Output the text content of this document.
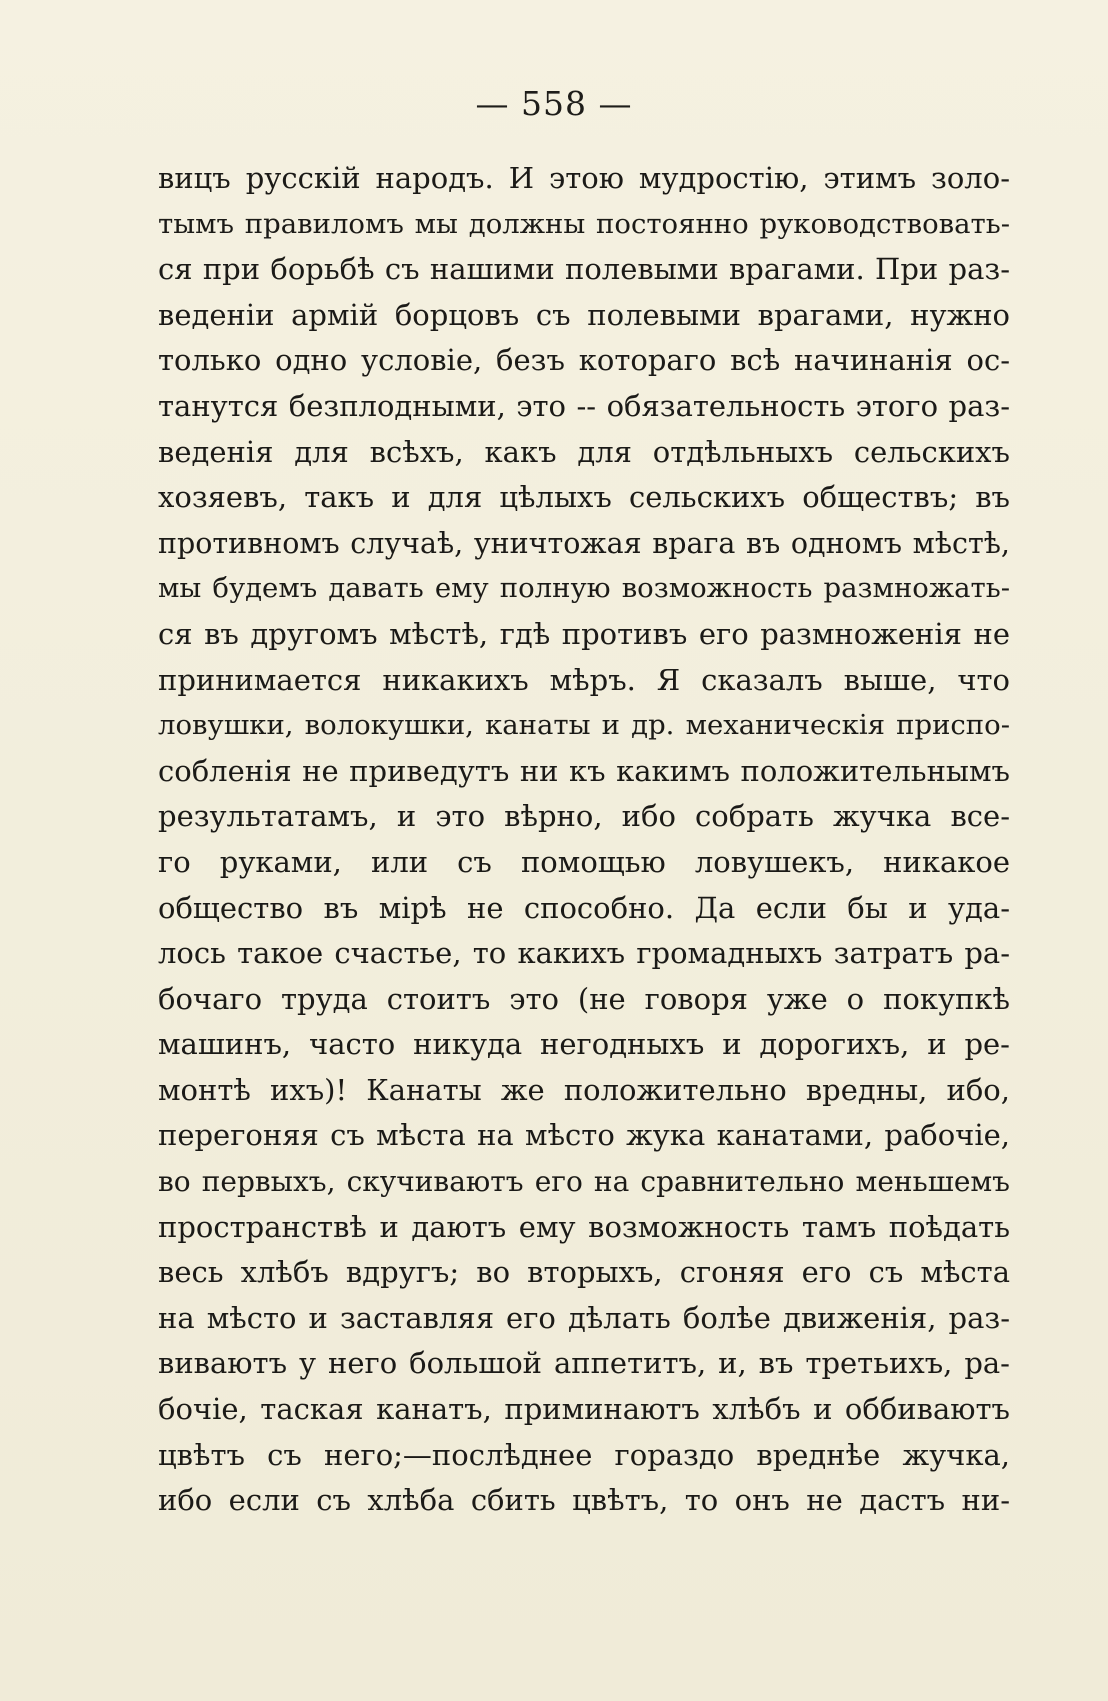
— 558 —
вицъ русскій народъ. И этою мудростію, этимъ золо-
тымъ правиломъ мы должны постоянно руководствовать-
ся при борьбѣ съ нашими полевыми врагами. При раз-
веденіи армій борцовъ съ полевыми врагами, нужно
только одно условіе, безъ котораго всѣ начинанія ос-
танутся безплодными, это -- обязательность этого раз-
веденія для всѣхъ, какъ для отдѣльныхъ сельскихъ
хозяевъ, такъ и для цѣлыхъ сельскихъ обществъ; въ
противномъ случаѣ, уничтожая врага въ одномъ мѣстѣ,
мы будемъ давать ему полную возможность размножать-
ся въ другомъ мѣстѣ, гдѣ противъ его размноженія не
принимается никакихъ мѣръ. Я сказалъ выше, что
ловушки, волокушки, канаты и др. механическія приспо-
собленія не приведутъ ни къ какимъ положительнымъ
результатамъ, и это вѣрно, ибо собрать жучка все-
го руками, или съ помощью ловушекъ, никакое
общество въ мірѣ не способно. Да если бы и уда-
лось такое счастье, то какихъ громадныхъ затратъ ра-
бочаго труда стоитъ это (не говоря уже о покупкѣ
машинъ, часто никуда негодныхъ и дорогихъ, и ре-
монтѣ ихъ)! Канаты же положительно вредны, ибо,
перегоняя съ мѣста на мѣсто жука канатами, рабочіе,
во первыхъ, скучиваютъ его на сравнительно меньшемъ
пространствѣ и даютъ ему возможность тамъ поѣдать
весь хлѣбъ вдругъ; во вторыхъ, сгоняя его съ мѣста
на мѣсто и заставляя его дѣлать болѣе движенія, раз-
виваютъ у него большой аппетитъ, и, въ третьихъ, ра-
бочіе, таская канатъ, приминаютъ хлѣбъ и оббиваютъ
цвѣтъ съ него;—послѣднее гораздо вреднѣе жучка,
ибо если съ хлѣба сбить цвѣтъ, то онъ не дастъ ни-
